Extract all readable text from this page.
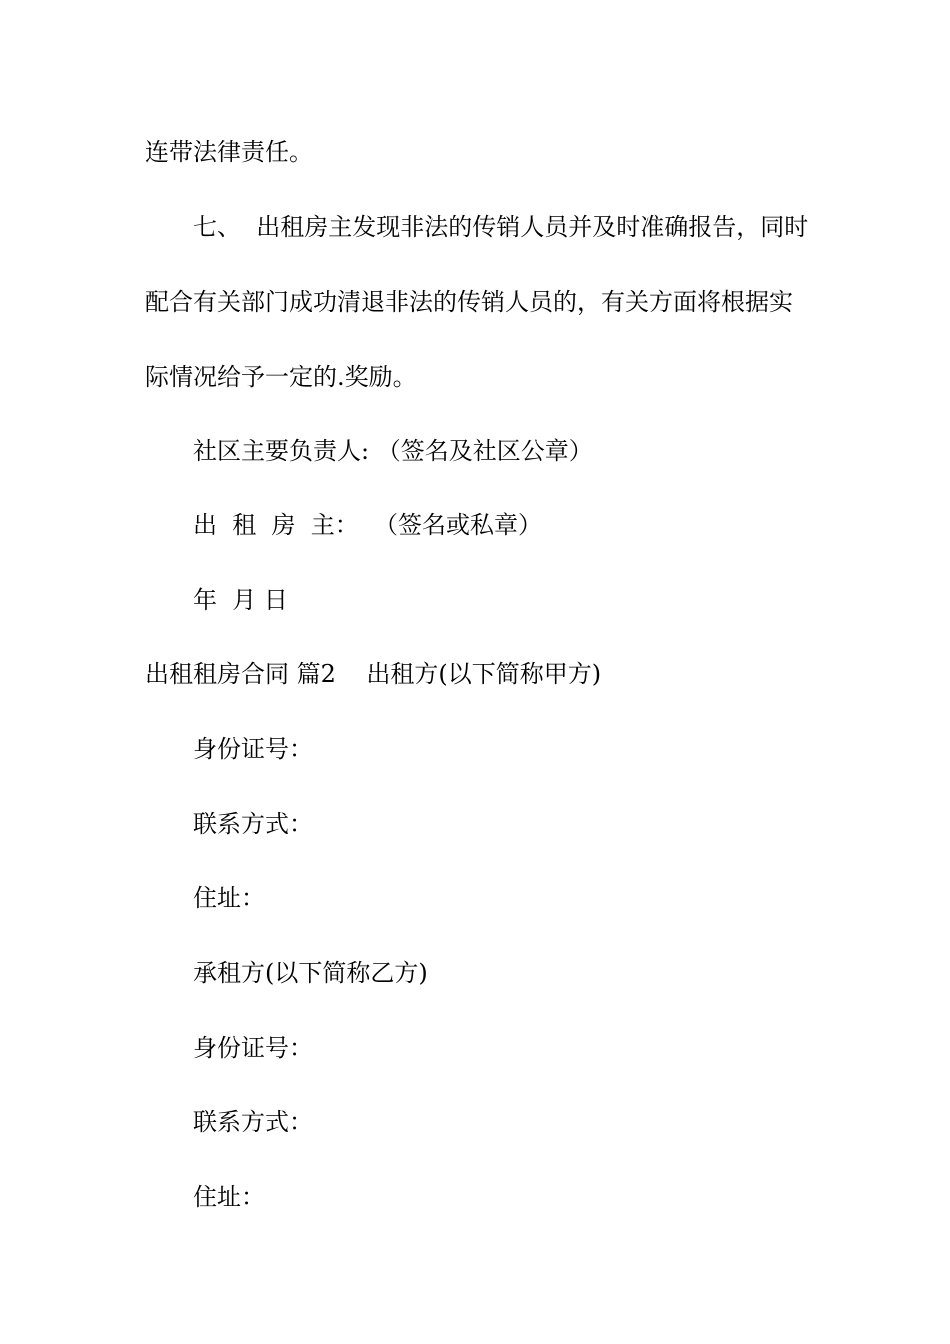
连带法律责任。
七、  出租房主发现非法的传销人员并及时准确报告，同时
配合有关部门成功清退非法的传销人员的，有关方面将根据实
际情况给予一定的.奖励。
社区主要负责人: （签名及社区公章）
出  租  房  主：  （签名或私章）
年  月 日
出租租房合同 篇2    出租方(以下简称甲方)
身份证号：
联系方式：
住址：
承租方(以下简称乙方)
身份证号：
联系方式：
住址：
